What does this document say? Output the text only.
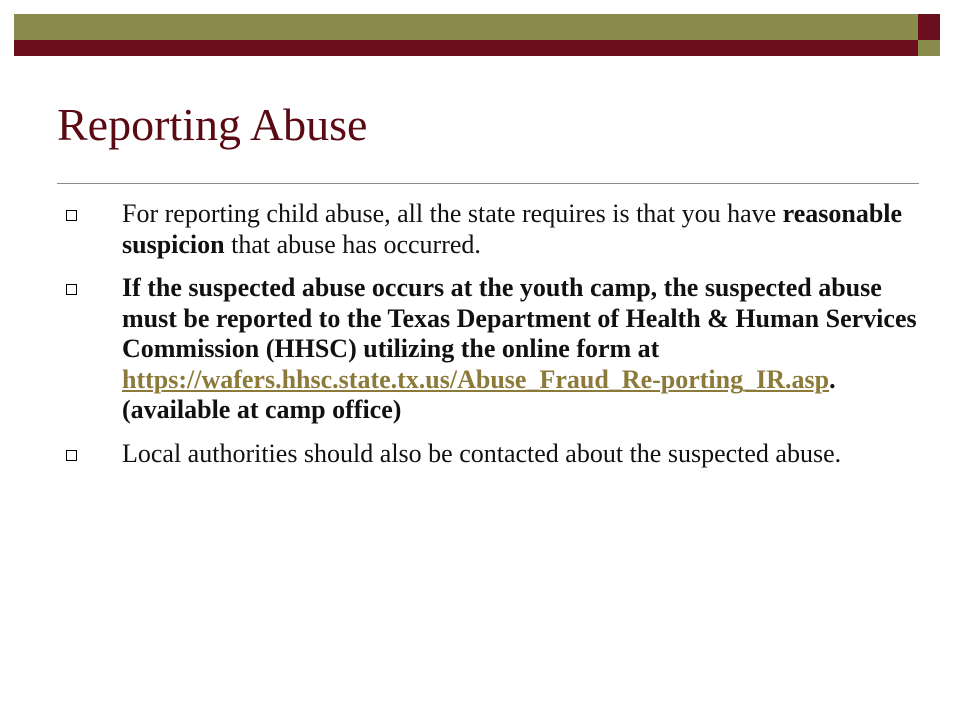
Reporting Abuse
For reporting child abuse, all the state requires is that you have reasonable suspicion that abuse has occurred.
If the suspected abuse occurs at the youth camp, the suspected abuse must be reported to the Texas Department of Health & Human Services Commission (HHSC) utilizing the online form at https://wafers.hhsc.state.tx.us/Abuse_Fraud_Re-porting_IR.asp. (available at camp office)
Local authorities should also be contacted about the suspected abuse.
